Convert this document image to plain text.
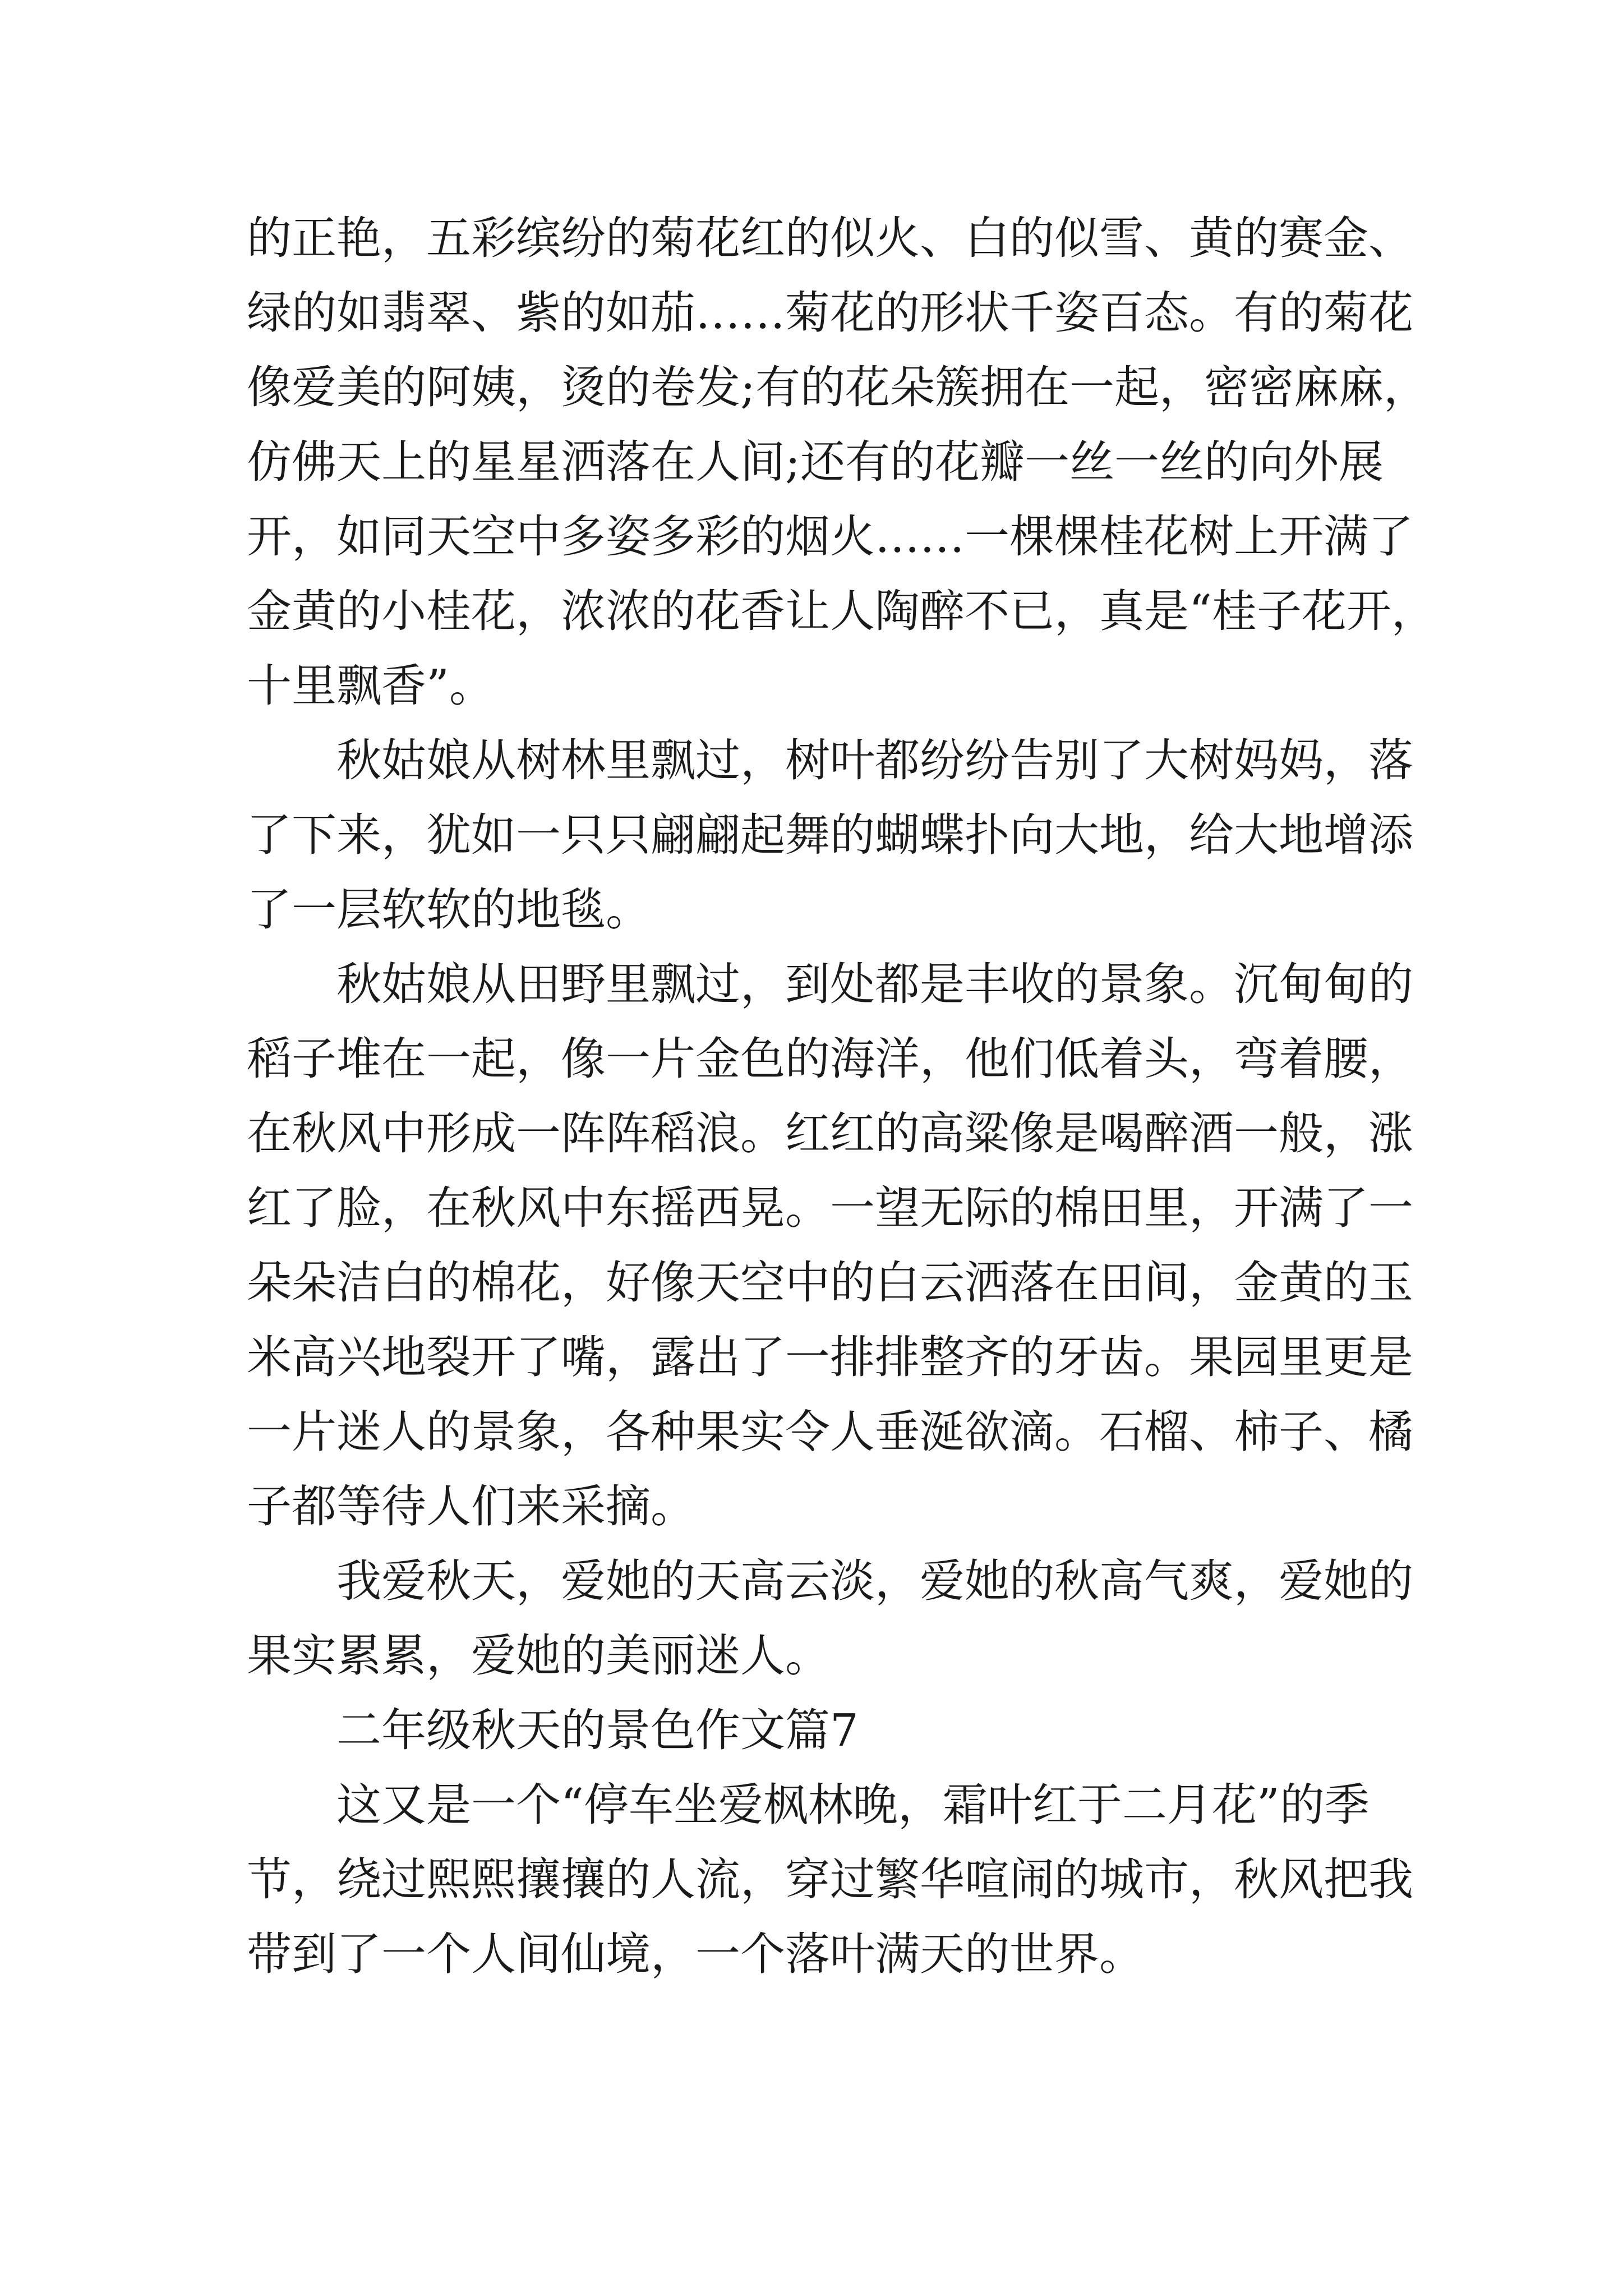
的正艳，五彩缤纷的菊花红的似火、白的似雪、黄的赛金、
绿的如翡翠、紫的如茄……菊花的形状千姿百态。有的菊花
像爱美的阿姨，烫的卷发;有的花朵簇拥在一起，密密麻麻，
仿佛天上的星星洒落在人间;还有的花瓣一丝一丝的向外展
开，如同天空中多姿多彩的烟火……一棵棵桂花树上开满了
金黄的小桂花，浓浓的花香让人陶醉不已，真是“桂子花开，
十里飘香”。
秋姑娘从树林里飘过，树叶都纷纷告别了大树妈妈，落
了下来，犹如一只只翩翩起舞的蝴蝶扑向大地，给大地增添
了一层软软的地毯。
秋姑娘从田野里飘过，到处都是丰收的景象。沉甸甸的
稻子堆在一起，像一片金色的海洋，他们低着头，弯着腰，
在秋风中形成一阵阵稻浪。红红的高粱像是喝醉酒一般，涨
红了脸，在秋风中东摇西晃。一望无际的棉田里，开满了一
朵朵洁白的棉花，好像天空中的白云洒落在田间，金黄的玉
米高兴地裂开了嘴，露出了一排排整齐的牙齿。果园里更是
一片迷人的景象，各种果实令人垂涎欲滴。石榴、柿子、橘
子都等待人们来采摘。
我爱秋天，爱她的天高云淡，爱她的秋高气爽，爱她的
果实累累，爱她的美丽迷人。
二年级秋天的景色作文篇7
这又是一个“停车坐爱枫林晚，霜叶红于二月花”的季
节，绕过熙熙攘攘的人流，穿过繁华喧闹的城市，秋风把我
带到了一个人间仙境，一个落叶满天的世界。
